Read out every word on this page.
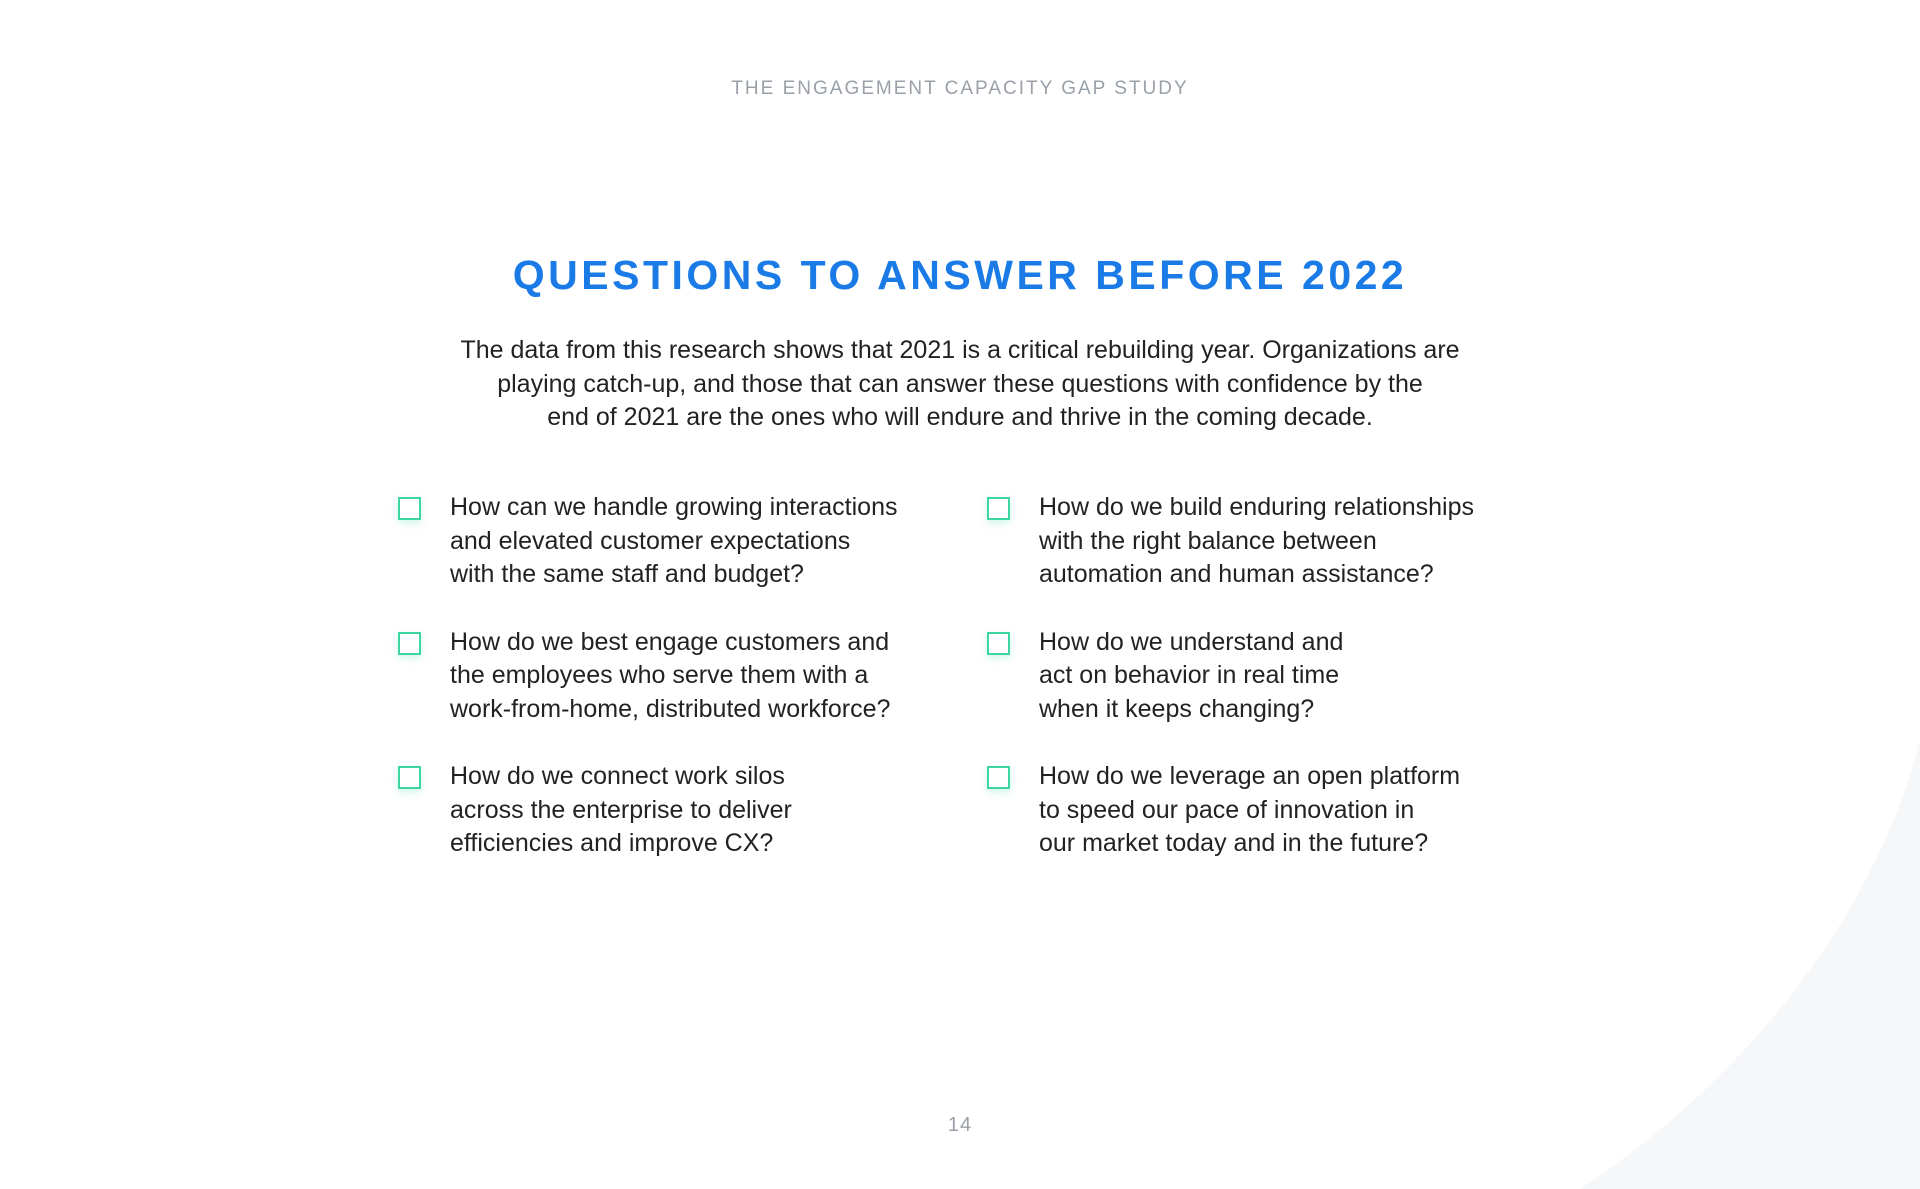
THE ENGAGEMENT CAPACITY GAP STUDY
QUESTIONS TO ANSWER BEFORE 2022

The data from this research shows that 2021 is a critical rebuilding year. Organizations are
playing catch-up, and those that can answer these questions with confidence by the
end of 2021 are the ones who will endure and thrive in the coming decade.

How can we handle growing interactions
and elevated customer expectations
with the same staff and budget?

How do we build enduring relationships
with the right balance between
automation and human assistance?

How do we best engage customers and
the employees who serve them with a
work-from-home, distributed workforce?

How do we understand and
act on behavior in real time
when it keeps changing?

How do we connect work silos
across the enterprise to deliver
efficiencies and improve CX?

How do we leverage an open platform
to speed our pace of innovation in
our market today and in the future?

14
